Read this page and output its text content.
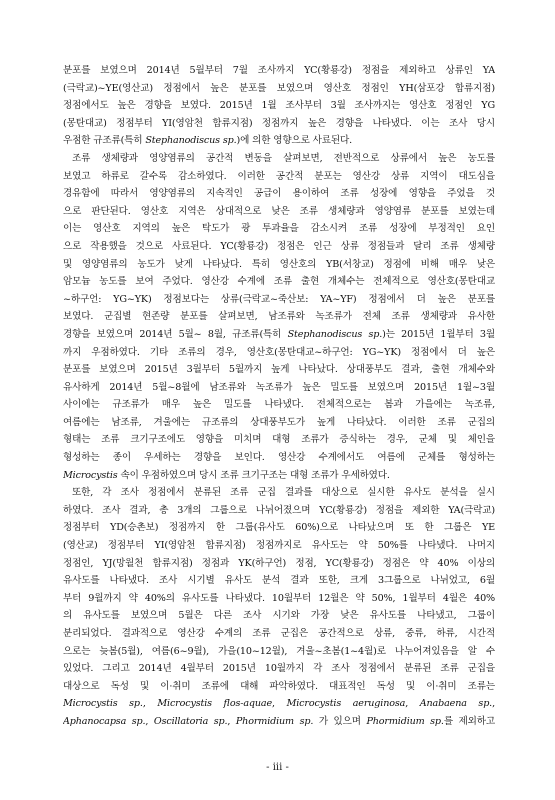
분포를 보였으며 2014년 5월부터 7월 조사까지 YC(황룡강) 정점을 제외하고 상류인 YA
(극락교)~YE(영산교) 정점에서 높은 분포를 보였으며 영산호 정점인 YH(삼포강 합류지점)
정점에서도 높은 경향을 보였다. 2015년 1월 조사부터 3월 조사까지는 영산호 정점인 YG
(몽탄대교) 정점부터 YI(영암천 합류지점) 정점까지 높은 경향을 나타냈다. 이는 조사 당시
우점한 규조류(특히 Stephanodiscus sp.)에 의한 영향으로 사료된다.
조류 생체량과 영양염류의 공간적 변동을 살펴보면, 전반적으로 상류에서 높은 농도를
보였고 하류로 갈수록 감소하였다. 이러한 공간적 분포는 영산강 상류 지역이 대도심을
경유함에 따라서 영양염류의 지속적인 공급이 용이하여 조류 성장에 영향을 주었을 것
으로 판단된다. 영산호 지역은 상대적으로 낮은 조류 생체량과 영양염류 분포를 보였는데
이는 영산호 지역의 높은 탁도가 광 투과율을 감소시켜 조류 성장에 부정적인 요인
으로 작용했을 것으로 사료된다. YC(황룡강) 정점은 인근 상류 정점들과 달리 조류 생체량
및 영양염류의 농도가 낮게 나타났다. 특히 영산호의 YB(서창교) 정점에 비해 매우 낮은
암모늄 농도를 보여 주었다. 영산강 수계에 조류 출현 개체수는 전체적으로 영산호(몽탄대교
~하구언: YG~YK) 정점보다는 상류(극락교~죽산보: YA~YF) 정점에서 더 높은 분포를
보였다. 군집별 현존량 분포를 살펴보면, 남조류와 녹조류가 전체 조류 생체량과 유사한
경향을 보였으며 2014년 5월~ 8월, 규조류(특히 Stephanodiscus sp.)는 2015년 1월부터 3월
까지 우점하였다. 기타 조류의 경우, 영산호(몽탄대교~하구언: YG~YK) 정점에서 더 높은
분포를 보였으며 2015년 3월부터 5월까지 높게 나타났다. 상대풍부도 결과, 출현 개체수와
유사하게 2014년 5월~8월에 남조류와 녹조류가 높은 밀도를 보였으며 2015년 1월~3월
사이에는 규조류가 매우 높은 밀도를 나타냈다. 전체적으로는 봄과 가을에는 녹조류,
여름에는 남조류, 겨울에는 규조류의 상대풍부도가 높게 나타났다. 이러한 조류 군집의
형태는 조류 크기구조에도 영향을 미치며 대형 조류가 증식하는 경우, 군체 및 체인을
형성하는 종이 우세하는 경향을 보인다. 영산강 수계에서도 여름에 군체를 형성하는
Microcystis 속이 우점하였으며 당시 조류 크기구조는 대형 조류가 우세하였다.
또한, 각 조사 정점에서 분류된 조류 군집 결과를 대상으로 실시한 유사도 분석을 실시
하였다. 조사 결과, 총 3개의 그룹으로 나뉘어졌으며 YC(황룡강) 정점을 제외한 YA(극락교)
정점부터 YD(승촌보) 정점까지 한 그룹(유사도 60%)으로 나타났으며 또 한 그룹은 YE
(영산교) 정점부터 YI(영암천 합류지점) 정점까지로 유사도는 약 50%를 나타냈다. 나머지
정점인, YJ(망월천 합류지점) 정점과 YK(하구언) 정점, YC(황룡강) 정점은 약 40% 이상의
유사도를 나타냈다. 조사 시기별 유사도 분석 결과 또한, 크게 3그룹으로 나뉘었고, 6월
부터 9월까지 약 40%의 유사도를 나타냈다. 10월부터 12월은 약 50%, 1월부터 4월은 40%
의 유사도를 보였으며 5월은 다른 조사 시기와 가장 낮은 유사도를 나타냈고, 그룹이
분리되었다. 결과적으로 영산강 수계의 조류 군집은 공간적으로 상류, 중류, 하류, 시간적
으로는 늦봄(5월), 여름(6~9월), 가을(10~12월), 겨울~초봄(1~4월)로 나누어져있음을 알 수
있었다. 그리고 2014년 4월부터 2015년 10월까지 각 조사 정점에서 분류된 조류 군집을
대상으로 독성 및 이·취미 조류에 대해 파악하였다. 대표적인 독성 및 이·취미 조류는
Microcystis sp., Microcystis flos-aquae, Microcystis aeruginosa, Anabaena sp.,
Aphanocapsa sp., Oscillatoria sp., Phormidium sp. 가 있으며 Phormidium sp.를 제외하고
- iii -
